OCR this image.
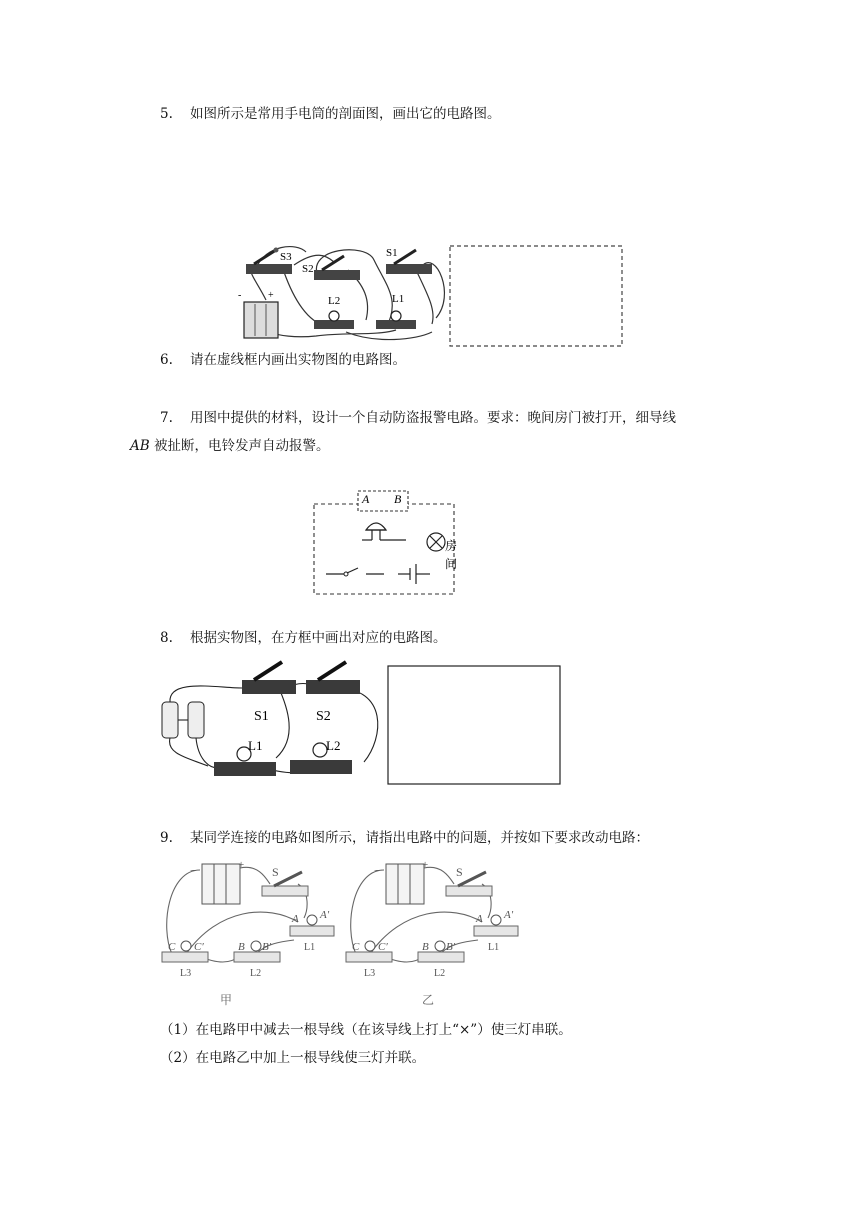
5. 如图所示是常用手电筒的剖面图，画出它的电路图。
S3
S2
S1
L2	L1
-	+
6. 请在虚线框内画出实物图的电路图。
7. 用图中提供的材料，设计一个自动防盗报警电路。要求：晚间房门被打开，细导线
AB 被扯断，电铃发声自动报警。
A B
房
间
8. 根据实物图，在方框中画出对应的电路图。
S1	S2
L1	L2
9. 某同学连接的电路如图所示，请指出电路中的问题，并按如下要求改动电路：
−	+ S
A A′
L1
B B′
L2
C C′
L3
甲
−	+ S
A A′
L1
B B′
L2
C C′
L3
乙
（1）在电路甲中减去一根导线（在该导线上打上“×”）使三灯串联。
（2）在电路乙中加上一根导线使三灯并联。
